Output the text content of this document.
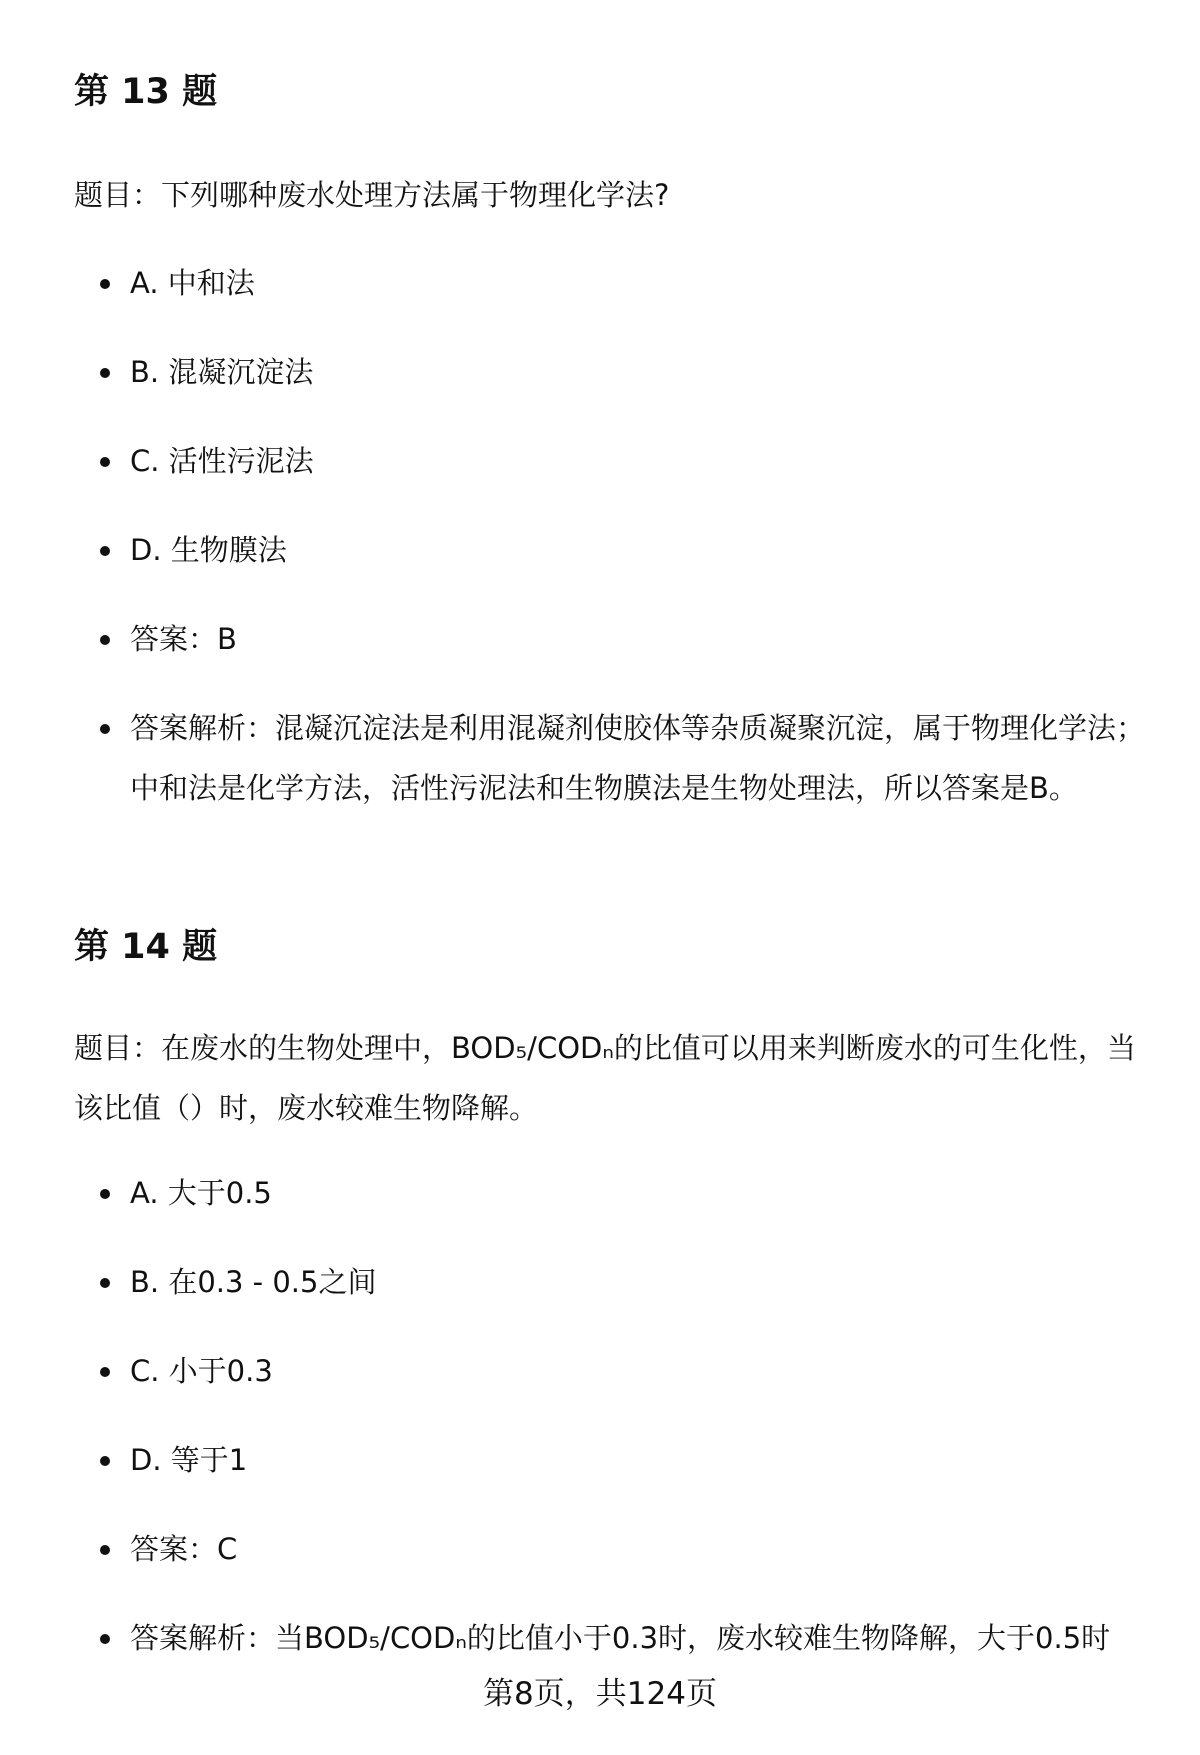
第 13 题

题目：下列哪种废水处理方法属于物理化学法?

A. 中和法

B. 混凝沉淀法

C. 活性污泥法

D. 生物膜法

答案：B

答案解析：混凝沉淀法是利用混凝剂使胶体等杂质凝聚沉淀，属于物理化学法；中和法是化学方法，活性污泥法和生物膜法是生物处理法，所以答案是B。

第 14 题

题目：在废水的生物处理中，BOD₅/CODₙ的比值可以用来判断废水的可生化性，当该比值（）时，废水较难生物降解。

A. 大于0.5

B. 在0.3 - 0.5之间

C. 小于0.3

D. 等于1

答案：C

答案解析：当BOD₅/CODₙ的比值小于0.3时，废水较难生物降解，大于0.5时

第8页，共124页
